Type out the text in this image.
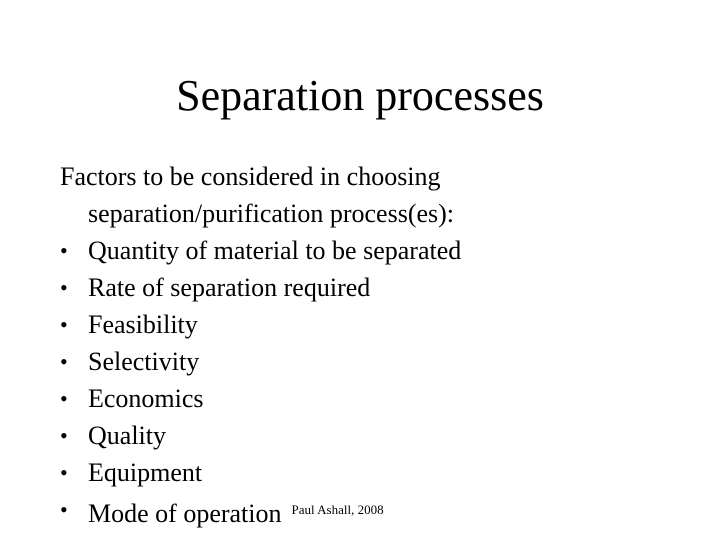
Separation processes

Factors to be considered in choosing separation/purification process(es):

• Quantity of material to be separated
• Rate of separation required
• Feasibility
• Selectivity
• Economics
• Quality
• Equipment
• Mode of operation $^{Paul Ashall, 2008}$
